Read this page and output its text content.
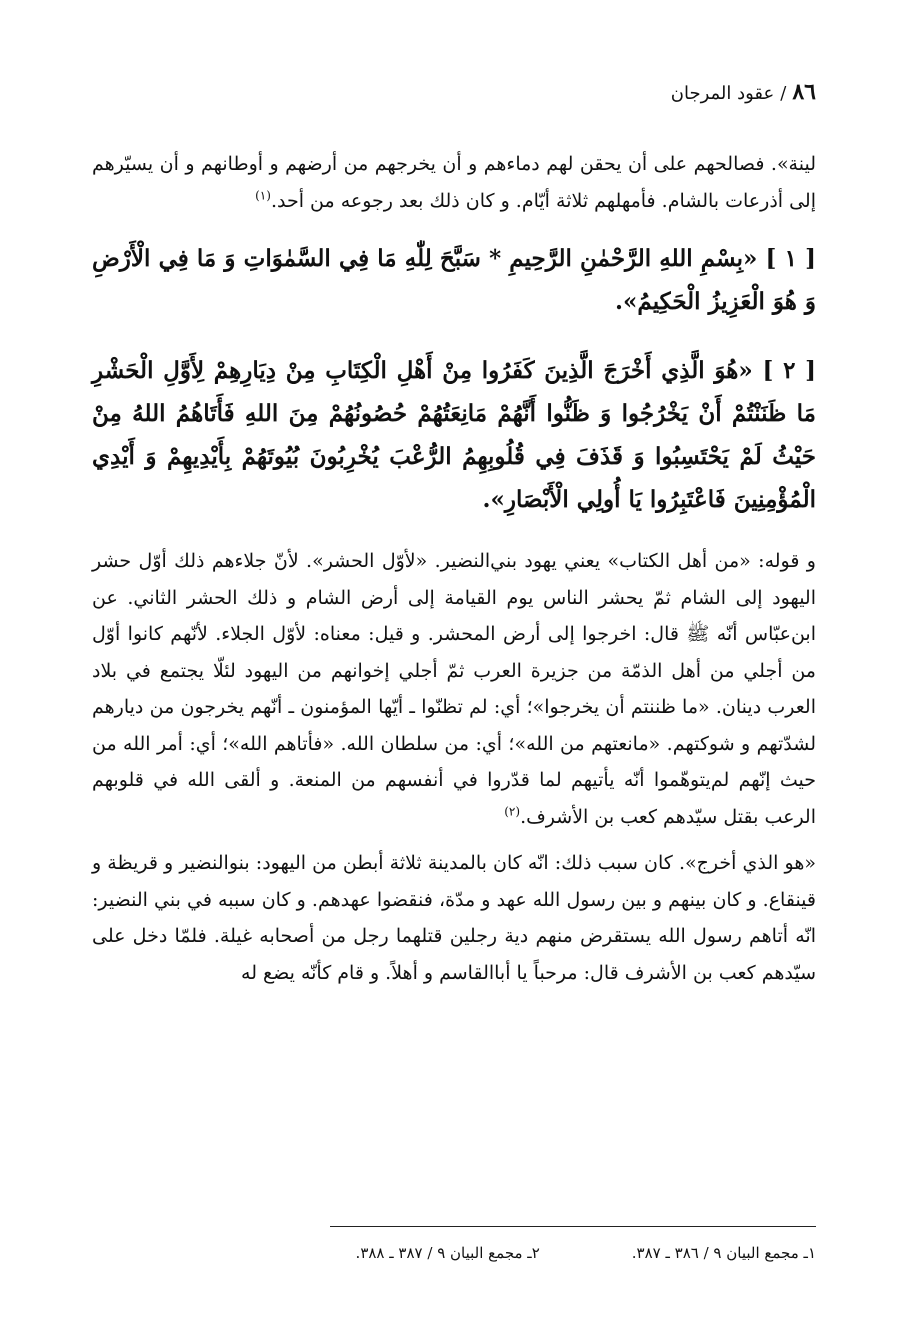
٨٦
/
عقود المرجان

لينة». فصالحهم على أن يحقن لهم دماءهم و أن يخرجهم من أرضهم و أوطانهم و أن يسيّرهم إلى أذرعات بالشام. فأمهلهم ثلاثة أيّام. و كان ذلك بعد رجوعه من أحد.$^{(١)}$

[ ١ ] «بِسْمِ اللهِ الرَّحْمٰنِ الرَّحِيمِ * سَبَّحَ لِلّٰهِ مَا فِي السَّمٰوَاتِ وَ مَا فِي الْأَرْضِ وَ هُوَ الْعَزِيزُ الْحَكِيمُ».

[ ٢ ] «هُوَ الَّذِي أَخْرَجَ الَّذِينَ كَفَرُوا مِنْ أَهْلِ الْكِتَابِ مِنْ دِيَارِهِمْ لِأَوَّلِ الْحَشْرِ مَا ظَنَنْتُمْ أَنْ يَخْرُجُوا وَ ظَنُّوا أَنَّهُمْ مَانِعَتُهُمْ حُصُونُهُمْ مِنَ اللهِ فَأَتَاهُمُ اللهُ مِنْ حَيْثُ لَمْ يَحْتَسِبُوا وَ قَذَفَ فِي قُلُوبِهِمُ الرُّعْبَ يُخْرِبُونَ بُيُوتَهُمْ بِأَيْدِيهِمْ وَ أَيْدِي الْمُؤْمِنِينَ فَاعْتَبِرُوا يَا أُولِي الْأَبْصَارِ».

و قوله: «من أهل الكتاب» يعني يهود بني‌النضير. «لأوّل الحشر». لأنّ جلاءهم ذلك أوّل حشر اليهود إلى الشام ثمّ يحشر الناس يوم القيامة إلى أرض الشام و ذلك الحشر الثاني. عن ابن‌عبّاس أنّه ﷺ قال: اخرجوا إلى أرض المحشر. و قيل: معناه: لأوّل الجلاء. لأنّهم كانوا أوّل من أجلي من أهل الذمّة من جزيرة العرب ثمّ أجلي إخوانهم من اليهود لئلّا يجتمع في بلاد العرب دينان. «ما ظننتم أن يخرجوا»؛ أي: لم تظنّوا ـ أيّها المؤمنون ـ أنّهم يخرجون من ديارهم لشدّتهم و شوكتهم. «مانعتهم من الله»؛ أي: من سلطان الله. «فأتاهم الله»؛ أي: أمر الله من حيث إنّهم لم‌يتوهّموا أنّه يأتيهم لما قدّروا في أنفسهم من المنعة. و ألقى الله في قلوبهم الرعب بقتل سيّدهم كعب بن الأشرف.$^{(٢)}$

«هو الذي أخرج». كان سبب ذلك: انّه كان بالمدينة ثلاثة أبطن من اليهود: بنوالنضير و قريظة و قينقاع. و كان بينهم و بين رسول الله عهد و مدّة، فنقضوا عهدهم. و كان سببه في بني النضير: انّه أتاهم رسول الله يستقرض منهم دية رجلين قتلهما رجل من أصحابه غيلة. فلمّا دخل على سيّدهم كعب بن الأشرف قال: مرحباً يا أباالقاسم و أهلاً. و قام كأنّه يضع له

١ـ مجمع البيان ٩ / ٣٨٦ ـ ٣٨٧.
٢ـ مجمع البيان ٩ / ٣٨٧ ـ ٣٨٨.
